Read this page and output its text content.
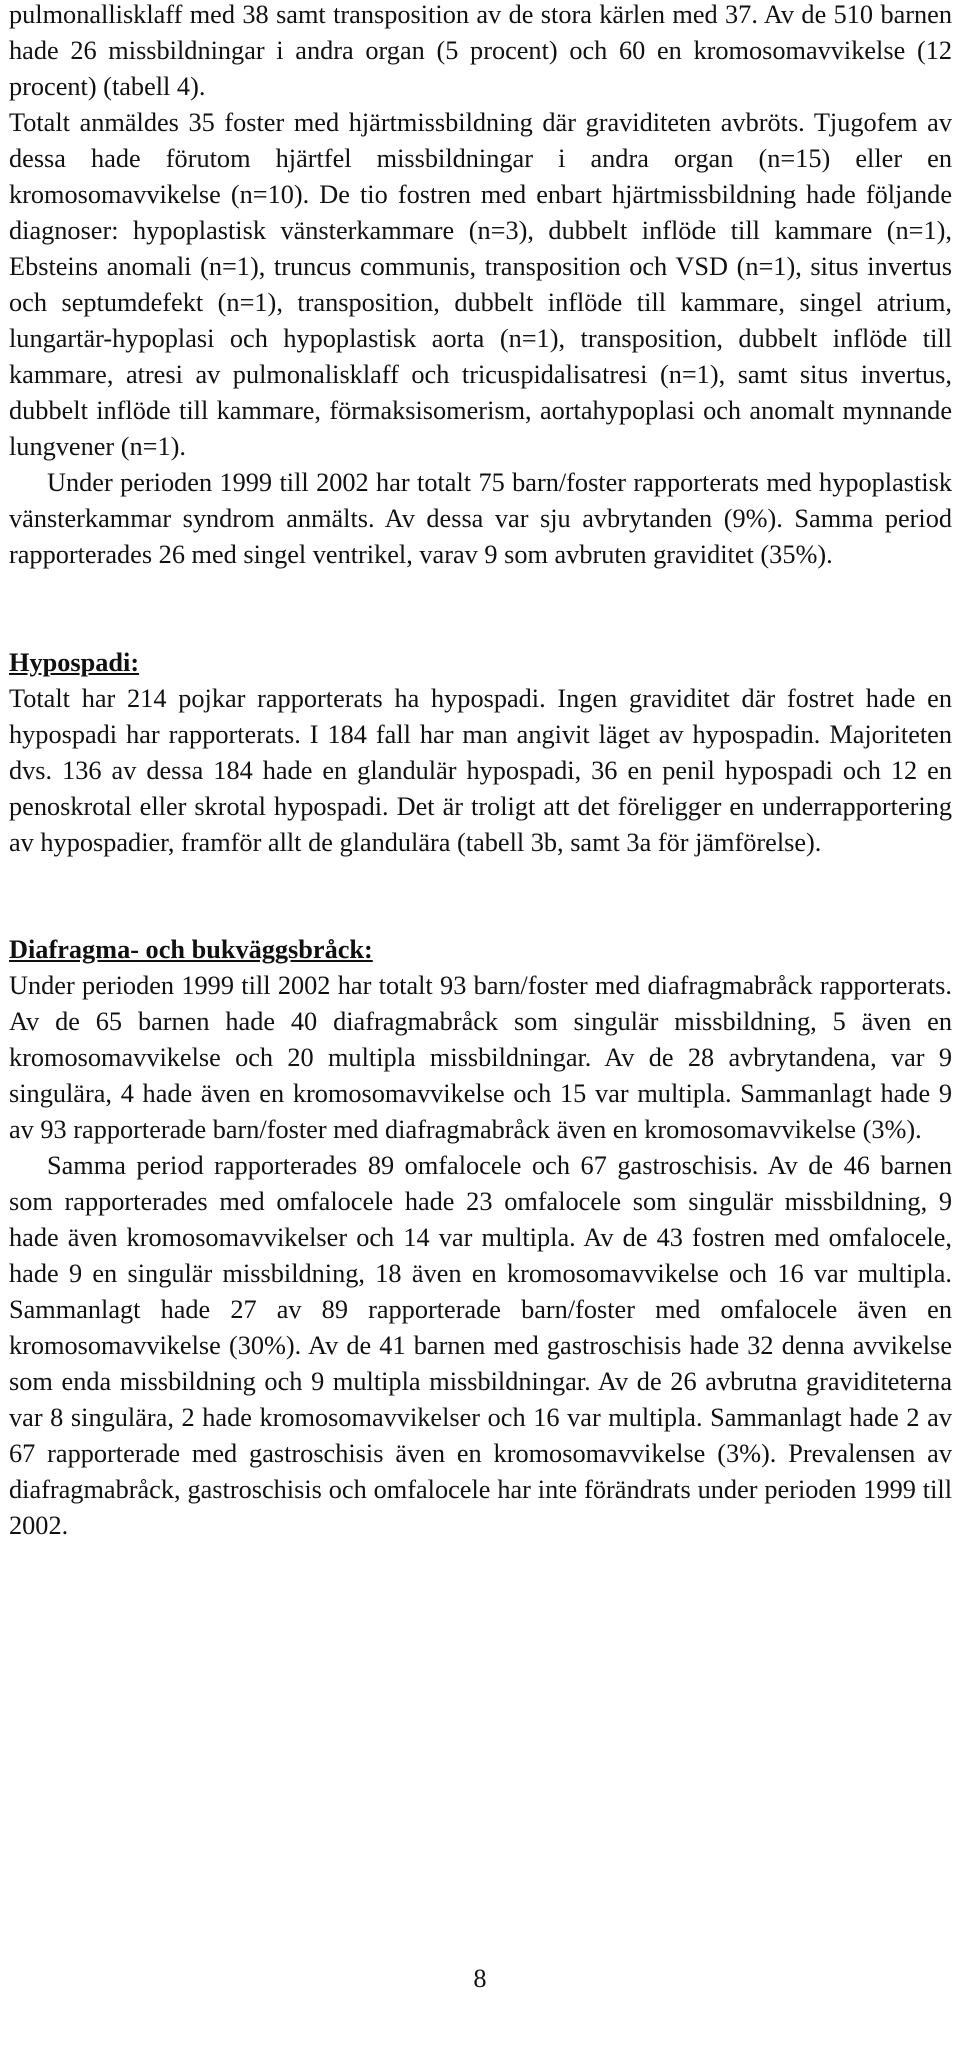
pulmonallisklaff med 38 samt transposition av de stora kärlen med 37. Av de 510 barnen hade 26 missbildningar i andra organ (5 procent) och 60 en kromosomavvikelse (12 procent) (tabell 4).

Totalt anmäldes 35 foster med hjärtmissbildning där graviditeten avbröts. Tjugofem av dessa hade förutom hjärtfel missbildningar i andra organ (n=15) eller en kromosomavvikelse (n=10). De tio fostren med enbart hjärtmissbildning hade följande diagnoser: hypoplastisk vänsterkammare (n=3), dubbelt inflöde till kammare (n=1), Ebsteins anomali (n=1), truncus communis, transposition och VSD (n=1), situs invertus och septumdefekt (n=1), transposition, dubbelt inflöde till kammare, singel atrium, lungartär-hypoplasi och hypoplastisk aorta (n=1), transposition, dubbelt inflöde till kammare, atresi av pulmonalisklaff och tricuspidalisatresi (n=1), samt situs invertus, dubbelt inflöde till kammare, förmaksisomerism, aortahypoplasi och anomalt mynnande lungvener (n=1).

Under perioden 1999 till 2002 har totalt 75 barn/foster rapporterats med hypoplastisk vänsterkammar syndrom anmälts. Av dessa var sju avbrytanden (9%). Samma period rapporterades 26 med singel ventrikel, varav 9 som avbruten graviditet (35%).

Hypospadi:

Totalt har 214 pojkar rapporterats ha hypospadi. Ingen graviditet där fostret hade en hypospadi har rapporterats. I 184 fall har man angivit läget av hypospadin. Majoriteten dvs. 136 av dessa 184 hade en glandulär hypospadi, 36 en penil hypospadi och 12 en penoskrotal eller skrotal hypospadi. Det är troligt att det föreligger en underrapportering av hypospadier, framför allt de glandulära (tabell 3b, samt 3a för jämförelse).

Diafragma- och bukväggsbråck:

Under perioden 1999 till 2002 har totalt 93 barn/foster med diafragmabråck rapporterats. Av de 65 barnen hade 40 diafragmabråck som singulär missbildning, 5 även en kromosomavvikelse och 20 multipla missbildningar. Av de 28 avbrytandena, var 9 singulära, 4 hade även en kromosomavvikelse och 15 var multipla. Sammanlagt hade 9 av 93 rapporterade barn/foster med diafragmabråck även en kromosomavvikelse (3%).

Samma period rapporterades 89 omfalocele och 67 gastroschisis. Av de 46 barnen som rapporterades med omfalocele hade 23 omfalocele som singulär missbildning, 9 hade även kromosomavvikelser och 14 var multipla. Av de 43 fostren med omfalocele, hade 9 en singulär missbildning, 18 även en kromosomavvikelse och 16 var multipla. Sammanlagt hade 27 av 89 rapporterade barn/foster med omfalocele även en kromosomavvikelse (30%). Av de 41 barnen med gastroschisis hade 32 denna avvikelse som enda missbildning och 9 multipla missbildningar. Av de 26 avbrutna graviditeterna var 8 singulära, 2 hade kromosomavvikelser och 16 var multipla. Sammanlagt hade 2 av 67 rapporterade med gastroschisis även en kromosomavvikelse (3%). Prevalensen av diafragmabråck, gastroschisis och omfalocele har inte förändrats under perioden 1999 till 2002.

8
